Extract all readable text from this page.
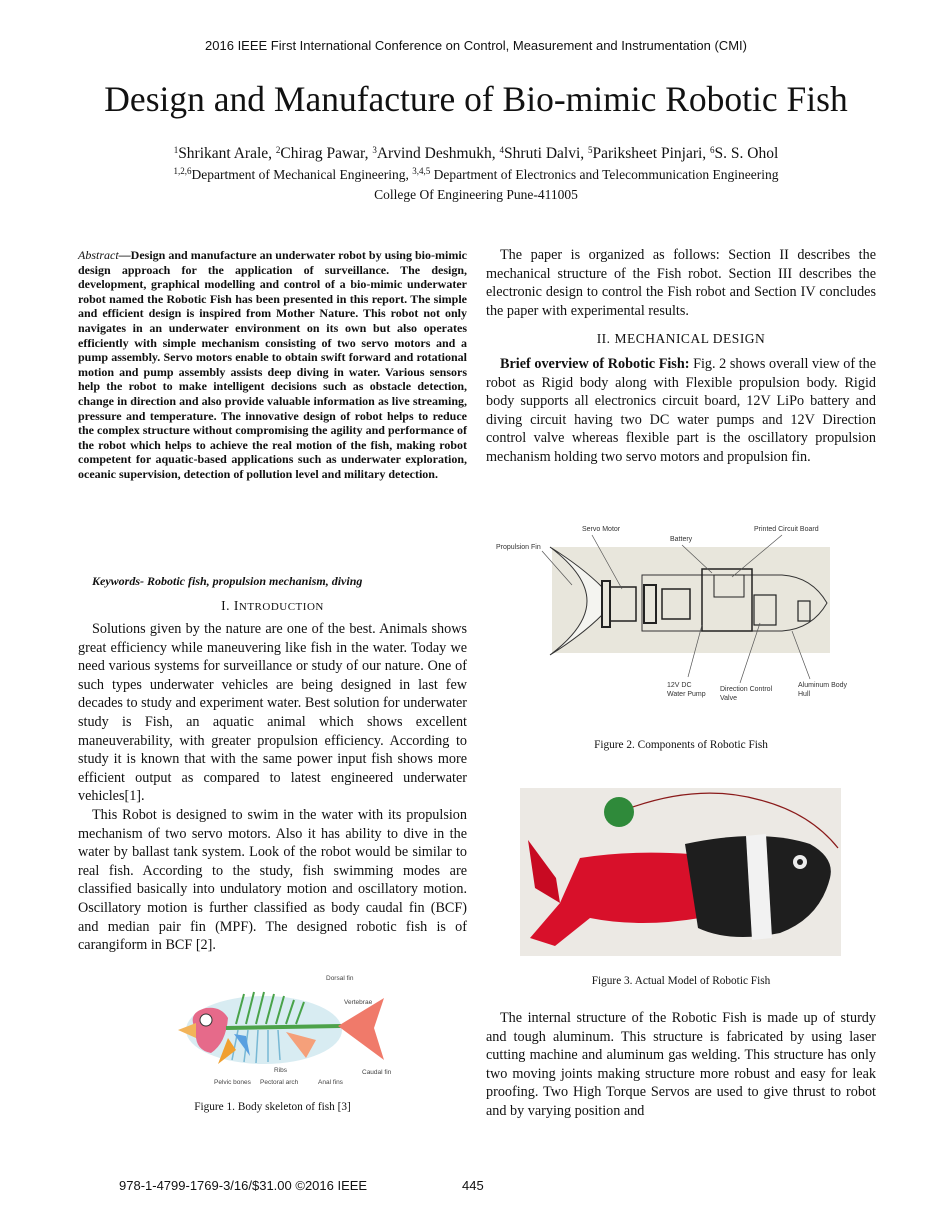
2016 IEEE First International Conference on Control, Measurement and Instrumentation (CMI)
Design and Manufacture of Bio-mimic Robotic Fish
$^1$Shrikant Arale, $^2$Chirag Pawar, $^3$Arvind Deshmukh, $^4$Shruti Dalvi, $^5$Pariksheet Pinjari, $^6$S. S. Ohol
$^{1,2,6}$Department of Mechanical Engineering, $^{3,4,5}$ Department of Electronics and Telecommunication Engineering
College Of Engineering Pune-411005

Abstract—Design and manufacture an underwater robot by using bio-mimic design approach for the application of surveillance. The design, development, graphical modelling and control of a bio-mimic underwater robot named the Robotic Fish has been presented in this report. The simple and efficient design is inspired from Mother Nature. This robot not only navigates in an underwater environment on its own but also operates efficiently with simple mechanism consisting of two servo motors and a pump assembly. Servo motors enable to obtain swift forward and rotational motion and pump assembly assists deep diving in water. Various sensors help the robot to make intelligent decisions such as obstacle detection, change in direction and also provide valuable information as live streaming, pressure and temperature. The innovative design of robot helps to reduce the complex structure without compromising the agility and performance of the robot which helps to achieve the real motion of the fish, making robot competent for aquatic-based applications such as underwater exploration, oceanic supervision, detection of pollution level and military detection.

Keywords- Robotic fish, propulsion mechanism, diving

I. INTRODUCTION

Solutions given by the nature are one of the best. Animals shows great efficiency while maneuvering like fish in the water. Today we need various systems for surveillance or study of our nature. One of such types underwater vehicles are being designed in last few decades to study and experiment water. Best solution for underwater study is Fish, an aquatic animal which shows excellent maneuverability, with greater propulsion efficiency. According to study it is known that with the same power input fish shows more efficient output as compared to latest engineered underwater vehicles[1].

This Robot is designed to swim in the water with its propulsion mechanism of two servo motors. Also it has ability to dive in the water by ballast tank system. Look of the robot would be similar to real fish. According to the study, fish swimming modes are classified basically into undulatory motion and oscillatory motion. Oscillatory motion is further classified as body caudal fin (BCF) and median pair fin (MPF). The designed robotic fish is of carangiform in BCF [2].

Dorsal fin
Vertebrae
Ribs
Pelvic bones Pectoral arch	Anal fins
Caudal fin
Figure 1. Body skeleton of fish [3]

The paper is organized as follows: Section II describes the mechanical structure of the Fish robot. Section III describes the electronic design to control the Fish robot and Section IV concludes the paper with experimental results.

II. MECHANICAL DESIGN

Brief overview of Robotic Fish: Fig. 2 shows overall view of the robot as Rigid body along with Flexible propulsion body. Rigid body supports all electronics circuit board, 12V LiPo battery and diving circuit having two DC water pumps and 12V Direction control valve whereas flexible part is the oscillatory propulsion mechanism holding two servo motors and propulsion fin.

Servo Motor	Printed Circuit Board
Battery
Propulsion Fin
12V DC
Water Pump
Direction Control
Valve
Aluminum Body
Hull
Figure 2. Components of Robotic Fish
Figure 3. Actual Model of Robotic Fish

The internal structure of the Robotic Fish is made up of sturdy and tough aluminum. This structure is fabricated by using laser cutting machine and aluminum gas welding. This structure has only two moving joints making structure more robust and easy for leak proofing. Two High Torque Servos are used to give thrust to robot and by varying position and

978-1-4799-1769-3/16/$31.00 ©2016 IEEE	445
